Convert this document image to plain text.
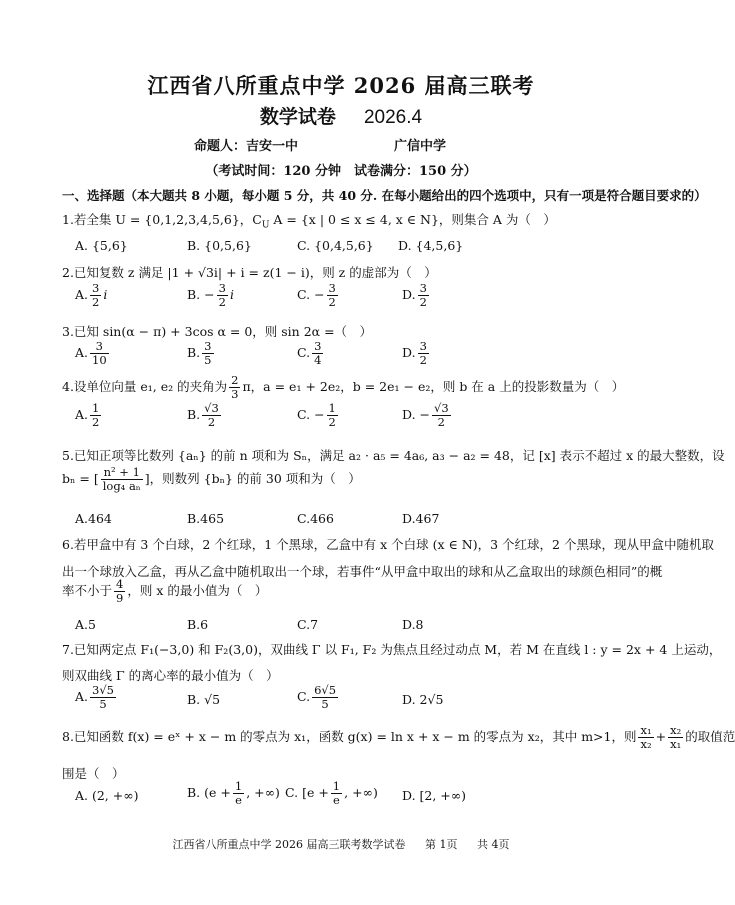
江西省八所重点中学 2026 届高三联考
数学试卷 2026.4
命题人：吉安一中	广信中学
（考试时间：120 分钟　试卷满分：150 分）
一、选择题（本大题共 8 小题，每小题 5 分，共 40 分. 在每小题给出的四个选项中，只有一项是符合题目要求的）
1.若全集 U = {0,1,2,3,4,5,6}，$C_U$ A = {x | 0 ≤ x ≤ 4, x ∈ N}，则集合 A 为（　）
A. {5,6}	B. {0,5,6}	C. {0,4,5,6} D. {4,5,6}
2.已知复数 z 满足 |1 + √3i| + i = z(1 − i)，则 z 的虚部为（　）
A. $\frac{3}{2}$ i	B. − $\frac{3}{2}$ i	C. − $\frac{3}{2}$	D. $\frac{3}{2}$
3.已知 sin(α − π) + 3cos α = 0，则 sin 2α =（　）
A. $\frac{3}{10}$	B. $\frac{3}{5}$	C. $\frac{3}{4}$	D. $\frac{3}{2}$
4.设单位向量 e₁, e₂ 的夹角为 $\frac{2}{3}$ π，a = e₁ + 2e₂，b = 2e₁ − e₂，则 b 在 a 上的投影数量为（　）
A. $\frac{1}{2}$	B. $\frac{√3}{2}$	C. − $\frac{1}{2}$	D. − $\frac{√3}{2}$
5.已知正项等比数列 {aₙ} 的前 n 项和为 Sₙ，满足 a₂ · a₅ = 4a₆, a₃ − a₂ = 48，记 [x] 表示不超过 x 的最大整数，设
bₙ = [ $\frac{\text{n² + 1}}{\text{log₄ aₙ}}$ ]，则数列 {bₙ} 的前 30 项和为（　）
A.464	B.465	C.466	D.467
6.若甲盒中有 3 个白球，2 个红球，1 个黑球，乙盒中有 x 个白球 (x ∈ N)，3 个红球，2 个黑球，现从甲盒中随机取
出一个球放入乙盒，再从乙盒中随机取出一个球，若事件“从甲盒中取出的球和从乙盒取出的球颜色相同”的概
率不小于 $\frac{4}{9}$ ，则 x 的最小值为（　）
A.5	B.6	C.7	D.8
7.已知两定点 F₁(−3,0) 和 F₂(3,0)，双曲线 Γ 以 F₁, F₂ 为焦点且经过动点 M，若 M 在直线 l : y = 2x + 4 上运动，
则双曲线 Γ 的离心率的最小值为（　）
A. $\frac{3√5}{5}$	B. √5	C. $\frac{6√5}{5}$	D. 2√5
8.已知函数 f(x) = eˣ + x − m 的零点为 x₁，函数 g(x) = ln x + x − m 的零点为 x₂，其中 m>1，则 $\frac{\text{x₁}}{\text{x₂}} + \frac{\text{x₂}}{\text{x₁}}$ 的取值范
围是（　）
A. (2, +∞)	B. ($e + \frac{1}{e}$ , +∞) C. [$e + \frac{1}{e}$ , +∞) D. [2, +∞)
江西省八所重点中学 2026 届高三联考数学试卷 第 1页 共 4页
